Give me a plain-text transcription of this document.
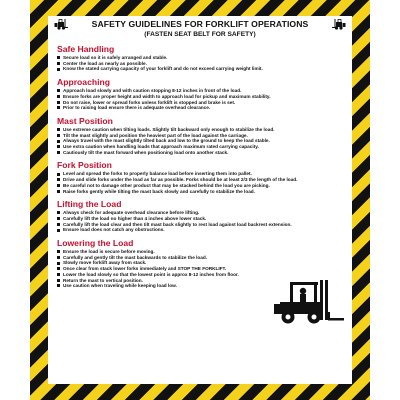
SAFETY GUIDELINES FOR FORKLIFT OPERATIONS
(FASTEN SEAT BELT FOR SAFETY)
Safe Handling
Secure load so it is safely arranged and stable.
Center the load as nearly as possible.
Know the stated carrying capacity of your forklift and do not exceed carrying weight limit.
Approaching
Approach load slowly and with caution stopping 8-12 inches in front of the load.
Ensure forks are proper height and width to approach load for pickup and maximum stability.
Do not raise, lower or spread forks unless forklift is stopped and brake is set.
Prior to raising load ensure there is adequate overhead clearance.
Mast Position
Use extreme caution when tilting loads. Slightly tilt backward only enough to stabilize the load.
Tilt the mast slightly and position the heaviest part of the load against the carriage.
Always travel with the mast slightly tilted back and low to the ground to keep the load stable.
Use extra caution when handling loads that approach maximum rated carrying capacity.
Cautiously tilt the mast forward when positioning load onto another stack.
Fork Position
Level and spread the forks to properly balance load before inserting them into pallet.
Drive and slide forks under the load as far as possible. Forks should be at least 2/3 the length of the load.
Be careful not to damage other product that may be stacked behind the load you are picking.
Raise forks gently while tilting the mast back slowly and carefully to stabilize the load.
Lifting the Load
Always check for adequate overhead clearance before lifting.
Carefully lift the load no higher than 4 inches above lower stack.
Carefully lift the load clear and then tilt mast back slightly to rest load against load backrest extension.
Ensure load does not catch any obstructions.
Lowering the Load
Ensure the load is secure before moving.
Carefully and gently tilt the mast backwards to stabilize the load.
Slowly move forklift away from stack.
Once clear from stack lower forks immediately and STOP THE FORKLIFT.
Lower the load slowly so that the lowest point is approx 8-12 inches from floor.
Return the mast to vertical position.
Use caution when traveling while keeping load low.
